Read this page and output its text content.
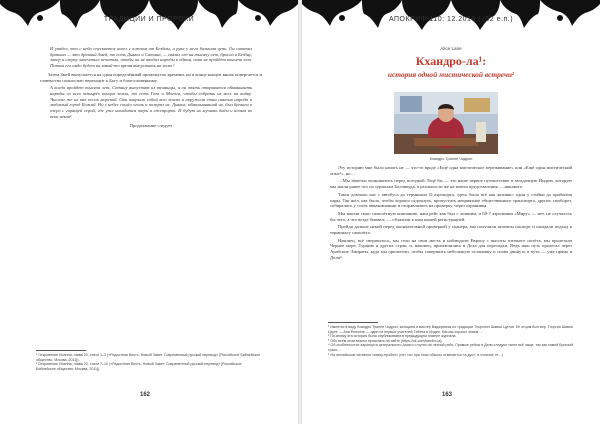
ТРАДИЦИИ И ПРОРОКИ

И увидел, что с неба спускается ангел с ключом от Бездны, и руке у него большая цепь. Он схватил дракона — это древний Змей, то есть Дьявол и Сатана, — связал его на тысячу лет, бросил в Бездну, запер и сверху запечатал печатью, чтобы он не вводил народы в обман, пока не пройдёт тысяча лет. Потом его надо будет на какой-то время выпустить на волю.¹

Затем Змей выпускается на один определённый промежуток времени, но в конце концов вновь повергается и главенство полностью переходит к Богу и благословенному.

А когда пройдёт тысяча лет, Сатану выпустят из темницы, и он опять отправится обманывать народы со всех четырёх концов земли, то есть Гога и Магога, чтобы собрать их всех на войну. Числом же их как песок морской. Они покрыли собой всю землю и окружили стан святых народа и любимый город Божий. Но с небес сошёл огонь и пожрал их. Дьявол, обманывавший их, был брошен в озеро с горящей серой, где уже находится зверь и лжепророк. И будут их мучить днём и ночью во веки веков².

Продолжение следует

¹ Откровение Иоанна, глава 20, стихи 1–3 («Радостная Весть. Новый Завет. Современный русский перевод» [Российское Библейское общество, Москва, 2011]).

² Откровение Иоанна, глава 20, стихи 7–10 («Радостная Весть. Новый Завет. Современный русский перевод» [Российское Библейское общество, Москва, 2011]).

162
АПОКРИФ-110: 12.2016 (√52 е.п.)
Alice Lane
Кхандро-ла¹:
история одной мистической встречи²
Кхандро Тринле Чодрон

Эту историю мне было начать не — что-то вроде «Ещё одна мистическое переживание» или «Ещё один мистический опыт³», но…

…Мы заметно волновались перед поездкой. Ещё бы — это наше первое путешествие в загадочную Индию, которую мы знали ранее что по сериалам Болливуда, в реальности же не имели представления — никакого.

Такси домчало нас с автобуса до терминала D аэропорта, здесь было всё как активно: один у стойки до прибытия пары. Так шёл, как было, чтобы хорошо отдохнуть, пропустить неприятное общественного транспорта, другие, наоборот, собирались у стоек авиакомпании и отправлялись на проверку, через охранника.

Мы нашли свою самолётную компанию, наш рейс как был с лишним, и 60-7 аэролинии «Миру» — нет, не случалось бы чего, а что везде бывают, — облачили к ним нашей регистрацией.

Пройдя дальше некий перед окончательной проверкой у сканера, мы получили штампы паспорт и ожидали подход к терминалу самолёта.

Наконец, всё свершилось, мы сели на свои места и наблюдали Европу с высоты птичьего полёта, мы пролетали Черное море, Турцию и других стран, и, наконец, приземлились в Доха для пересадки. Ведь наш путь пролегал через Арабские Эмираты, куда мы прилетели, чтобы совершить небольшую остановку и снова двинуть в путь — уже прямо в Дели⁴.

¹ Имеется в виду Кхандро Тринле Чодрон, женщина и мастер Ваджраяны по традиции Тхоргэнгх Шавьи Цуглаг. Её отцом был вер. Тхорган Шавья Цэрнг — Ана Ринпоче — один из первых учителей Тибета в Индии. Как мы хорошо знаем…

² По-иному эта история была опубликована в предыдущем номере журнала.

³ Обо всём этом можно прочитать на сайте [https://ok.com/kandro-la].

⁴ Об особенностях аэропорта центрального Азия и о путях на лесной рейс. Прямые рейсы в Дели следуют ныне всё чаще, так как самой Бронзой трасс…

⁵ На английском читается «киеку-пробно» (нет «а» при этом обычно отвечается «а дуо», в отличие от…)

163
